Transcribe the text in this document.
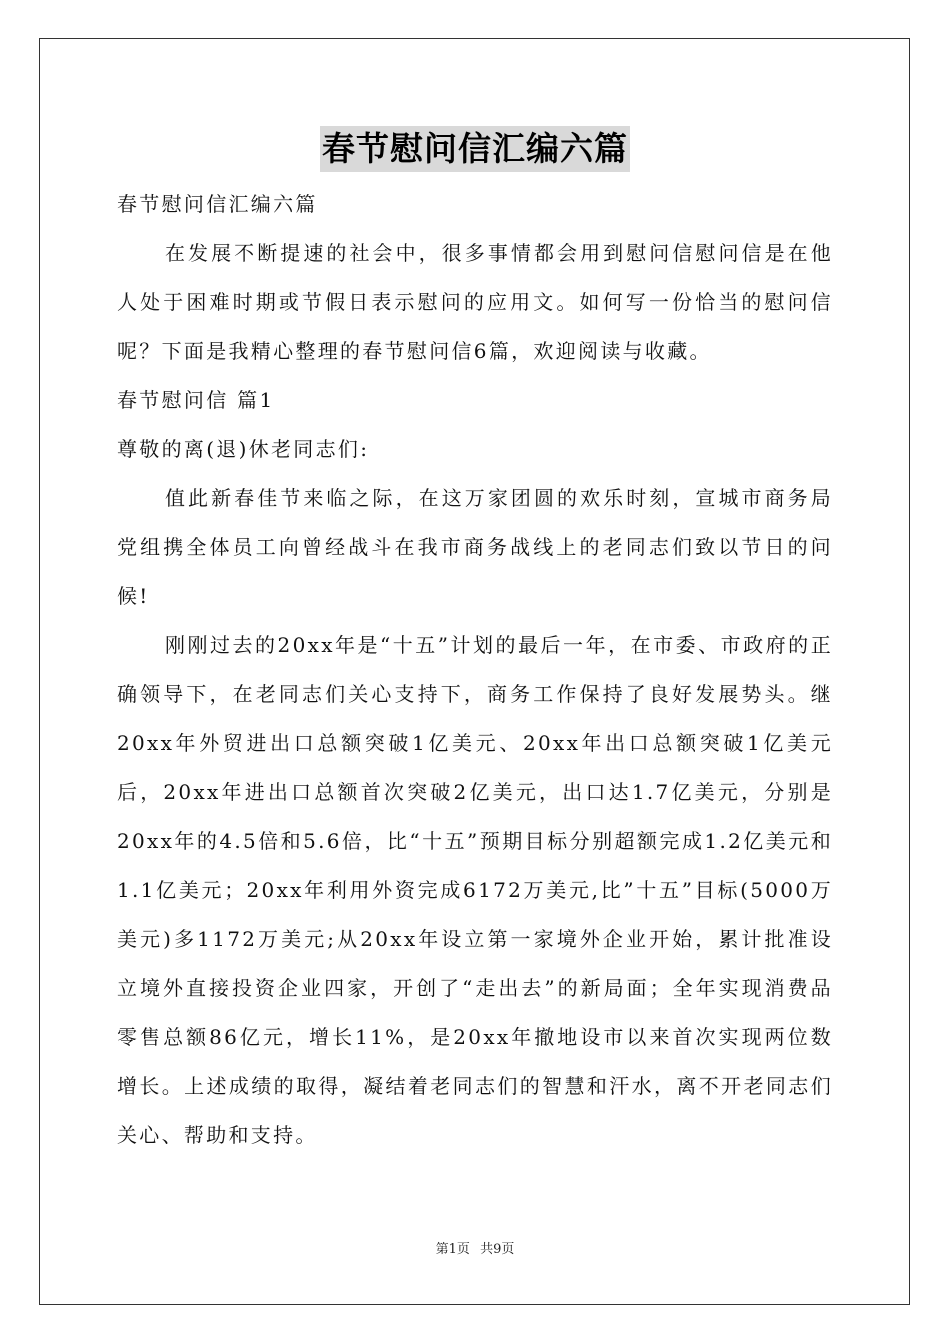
春节慰问信汇编六篇

春节慰问信汇编六篇

在发展不断提速的社会中，很多事情都会用到慰问信慰问信是在他人处于困难时期或节假日表示慰问的应用文。如何写一份恰当的慰问信呢？下面是我精心整理的春节慰问信6篇，欢迎阅读与收藏。

春节慰问信 篇1

尊敬的离(退)休老同志们:

值此新春佳节来临之际，在这万家团圆的欢乐时刻，宣城市商务局党组携全体员工向曾经战斗在我市商务战线上的老同志们致以节日的问候!

刚刚过去的20xx年是“十五”计划的最后一年，在市委、市政府的正确领导下，在老同志们关心支持下，商务工作保持了良好发展势头。继20xx年外贸进出口总额突破1亿美元、20xx年出口总额突破1亿美元后，20xx年进出口总额首次突破2亿美元，出口达1.7亿美元，分别是20xx年的4.5倍和5.6倍，比“十五”预期目标分别超额完成1.2亿美元和1.1亿美元；20xx年利用外资完成6172万美元,比”十五”目标(5000万美元)多1172万美元;从20xx年设立第一家境外企业开始，累计批准设立境外直接投资企业四家，开创了“走出去”的新局面；全年实现消费品零售总额86亿元，增长11%，是20xx年撤地设市以来首次实现两位数增长。上述成绩的取得，凝结着老同志们的智慧和汗水，离不开老同志们关心、帮助和支持。

第1页 共9页
